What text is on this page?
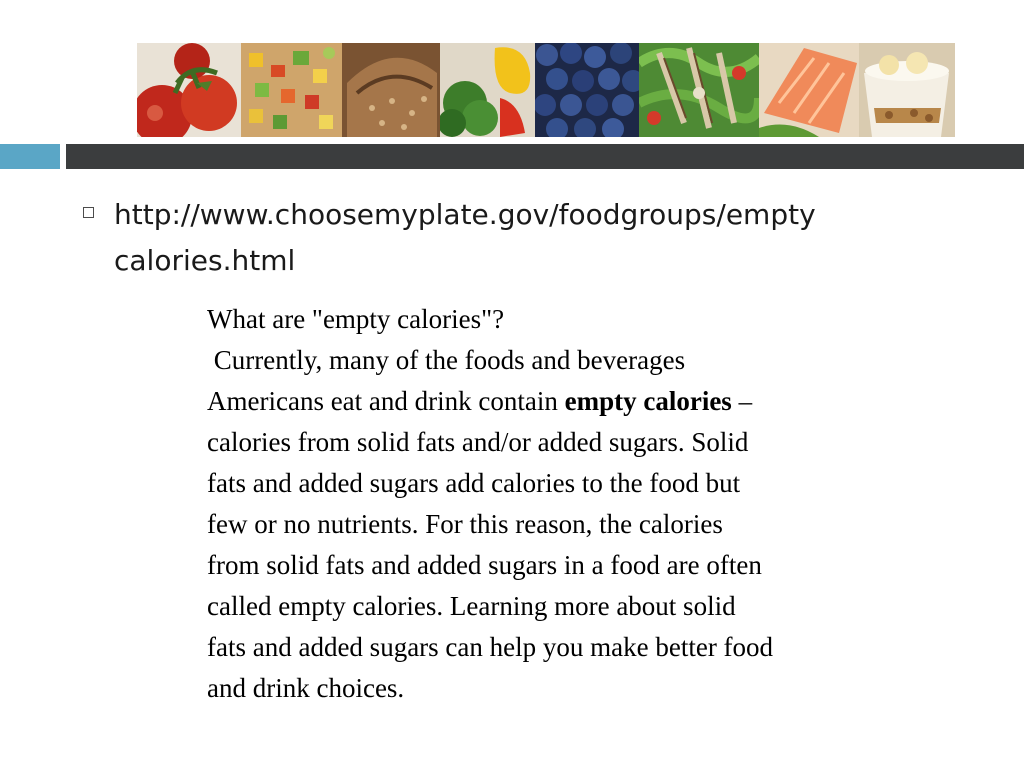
http://www.choosemyplate.gov/foodgroups/empty
calories.html
What are "empty calories"?
Currently, many of the foods and beverages
Americans eat and drink contain empty calories –
calories from solid fats and/or added sugars. Solid
fats and added sugars add calories to the food but
few or no nutrients. For this reason, the calories
from solid fats and added sugars in a food are often
called empty calories. Learning more about solid
fats and added sugars can help you make better food
and drink choices.
